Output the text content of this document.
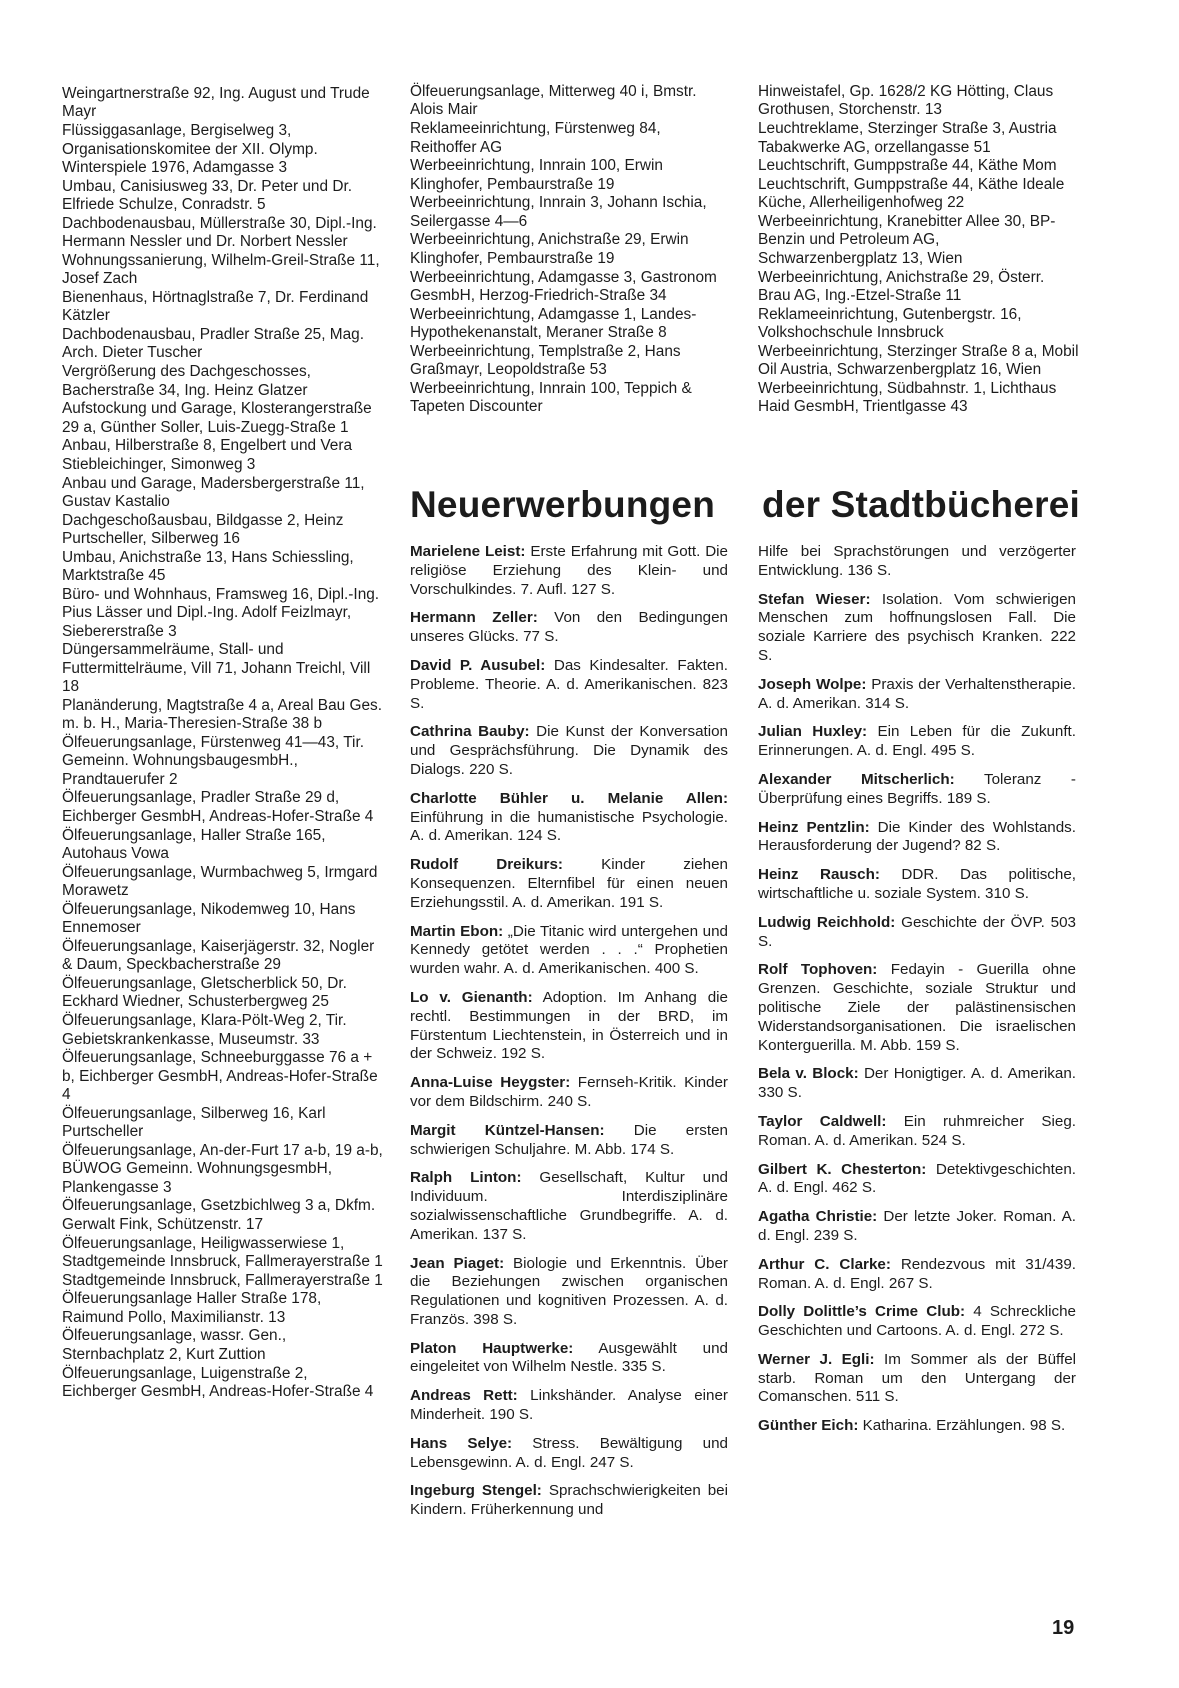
Weingartnerstraße 92, Ing. August und Trude Mayr

Flüssiggasanlage, Bergiselweg 3, Organisationskomitee der XII. Olymp. Winterspiele 1976, Adamgasse 3

Umbau, Canisiusweg 33, Dr. Peter und Dr. Elfriede Schulze, Conradstr. 5

Dachbodenausbau, Müllerstraße 30, Dipl.-Ing. Hermann Nessler und Dr. Norbert Nessler

Wohnungssanierung, Wilhelm-Greil-Straße 11, Josef Zach

Bienenhaus, Hörtnaglstraße 7, Dr. Ferdinand Kätzler

Dachbodenausbau, Pradler Straße 25, Mag. Arch. Dieter Tuscher

Vergrößerung des Dachgeschosses, Bacherstraße 34, Ing. Heinz Glatzer

Aufstockung und Garage, Klosterangerstraße 29 a, Günther Soller, Luis-Zuegg-Straße 1

Anbau, Hilberstraße 8, Engelbert und Vera Stiebleichinger, Simonweg 3

Anbau und Garage, Madersbergerstraße 11, Gustav Kastalio

Dachgeschoßausbau, Bildgasse 2, Heinz Purtscheller, Silberweg 16

Umbau, Anichstraße 13, Hans Schiessling, Marktstraße 45

Büro- und Wohnhaus, Framsweg 16, Dipl.-Ing. Pius Lässer und Dipl.-Ing. Adolf Feizlmayr, Siebererstraße 3

Düngersammelräume, Stall- und Futtermittelräume, Vill 71, Johann Treichl, Vill 18

Planänderung, Magtstraße 4 a, Areal Bau Ges. m. b. H., Maria-Theresien-Straße 38 b

Ölfeuerungsanlage, Fürstenweg 41—43, Tir. Gemeinn. WohnungsbaugesmbH., Prandtauerufer 2

Ölfeuerungsanlage, Pradler Straße 29 d, Eichberger GesmbH, Andreas-Hofer-Straße 4

Ölfeuerungsanlage, Haller Straße 165, Autohaus Vowa

Ölfeuerungsanlage, Wurmbachweg 5, Irmgard Morawetz

Ölfeuerungsanlage, Nikodemweg 10, Hans Ennemoser

Ölfeuerungsanlage, Kaiserjägerstr. 32, Nogler & Daum, Speckbacherstraße 29

Ölfeuerungsanlage, Gletscherblick 50, Dr. Eckhard Wiedner, Schusterbergweg 25

Ölfeuerungsanlage, Klara-Pölt-Weg 2, Tir. Gebietskrankenkasse, Museumstr. 33

Ölfeuerungsanlage, Schneeburggasse 76 a + b, Eichberger GesmbH, Andreas-Hofer-Straße 4

Ölfeuerungsanlage, Silberweg 16, Karl Purtscheller

Ölfeuerungsanlage, An-der-Furt 17 a-b, 19 a-b, BÜWOG Gemeinn. WohnungsgesmbH, Plankengasse 3

Ölfeuerungsanlage, Gsetzbichlweg 3 a, Dkfm. Gerwalt Fink, Schützenstr. 17

Ölfeuerungsanlage, Heiligwasserwiese 1, Stadtgemeinde Innsbruck, Fallmerayerstraße 1

Stadtgemeinde Innsbruck, Fallmerayerstraße 1

Ölfeuerungsanlage Haller Straße 178, Raimund Pollo, Maximilianstr. 13

Ölfeuerungsanlage, wassr. Gen., Sternbachplatz 2, Kurt Zuttion

Ölfeuerungsanlage, Luigenstraße 2, Eichberger GesmbH, Andreas-Hofer-Straße 4

Ölfeuerungsanlage, Mitterweg 40 i, Bmstr. Alois Mair

Reklameeinrichtung, Fürstenweg 84, Reithoffer AG

Werbeeinrichtung, Innrain 100, Erwin Klinghofer, Pembaurstraße 19

Werbeeinrichtung, Innrain 3, Johann Ischia, Seilergasse 4—6

Werbeeinrichtung, Anichstraße 29, Erwin Klinghofer, Pembaurstraße 19

Werbeeinrichtung, Adamgasse 3, Gastronom GesmbH, Herzog-Friedrich-Straße 34

Werbeeinrichtung, Adamgasse 1, Landes-Hypothekenanstalt, Meraner Straße 8

Werbeeinrichtung, Templstraße 2, Hans Graßmayr, Leopoldstraße 53

Werbeeinrichtung, Innrain 100, Teppich & Tapeten Discounter

Hinweistafel, Gp. 1628/2 KG Hötting, Claus Grothusen, Storchenstr. 13

Leuchtreklame, Sterzinger Straße 3, Austria Tabakwerke AG, orzellangasse 51

Leuchtschrift, Gumppstraße 44, Käthe Mom

Leuchtschrift, Gumppstraße 44, Käthe Ideale Küche, Allerheiligenhofweg 22

Werbeeinrichtung, Kranebitter Allee 30, BP-Benzin und Petroleum AG, Schwarzenbergplatz 13, Wien

Werbeeinrichtung, Anichstraße 29, Österr. Brau AG, Ing.-Etzel-Straße 11

Reklameeinrichtung, Gutenbergstr. 16, Volkshochschule Innsbruck

Werbeeinrichtung, Sterzinger Straße 8 a, Mobil Oil Austria, Schwarzenbergplatz 16, Wien

Werbeeinrichtung, Südbahnstr. 1, Lichthaus Haid GesmbH, Trientlgasse 43

Neuerwerbungen der Stadtbücherei

Marielene Leist: Erste Erfahrung mit Gott. Die religiöse Erziehung des Klein- und Vorschulkindes. 7. Aufl. 127 S.

Hermann Zeller: Von den Bedingungen unseres Glücks. 77 S.

David P. Ausubel: Das Kindesalter. Fakten. Probleme. Theorie. A. d. Amerikanischen. 823 S.

Cathrina Bauby: Die Kunst der Konversation und Gesprächsführung. Die Dynamik des Dialogs. 220 S.

Charlotte Bühler u. Melanie Allen: Einführung in die humanistische Psychologie. A. d. Amerikan. 124 S.

Rudolf Dreikurs: Kinder ziehen Konsequenzen. Elternfibel für einen neuen Erziehungsstil. A. d. Amerikan. 191 S.

Martin Ebon: „Die Titanic wird untergehen und Kennedy getötet werden . . .“ Prophetien wurden wahr. A. d. Amerikanischen. 400 S.

Lo v. Gienanth: Adoption. Im Anhang die rechtl. Bestimmungen in der BRD, im Fürstentum Liechtenstein, in Österreich und in der Schweiz. 192 S.

Anna-Luise Heygster: Fernseh-Kritik. Kinder vor dem Bildschirm. 240 S.

Margit Küntzel-Hansen: Die ersten schwierigen Schuljahre. M. Abb. 174 S.

Ralph Linton: Gesellschaft, Kultur und Individuum. Interdisziplinäre sozialwissenschaftliche Grundbegriffe. A. d. Amerikan. 137 S.

Jean Piaget: Biologie und Erkenntnis. Über die Beziehungen zwischen organischen Regulationen und kognitiven Prozessen. A. d. Französ. 398 S.

Platon Hauptwerke: Ausgewählt und eingeleitet von Wilhelm Nestle. 335 S.

Andreas Rett: Linkshänder. Analyse einer Minderheit. 190 S.

Hans Selye: Stress. Bewältigung und Lebensgewinn. A. d. Engl. 247 S.

Ingeburg Stengel: Sprachschwierigkeiten bei Kindern. Früherkennung und

Hilfe bei Sprachstörungen und verzögerter Entwicklung. 136 S.

Stefan Wieser: Isolation. Vom schwierigen Menschen zum hoffnungslosen Fall. Die soziale Karriere des psychisch Kranken. 222 S.

Joseph Wolpe: Praxis der Verhaltenstherapie. A. d. Amerikan. 314 S.

Julian Huxley: Ein Leben für die Zukunft. Erinnerungen. A. d. Engl. 495 S.

Alexander Mitscherlich: Toleranz - Überprüfung eines Begriffs. 189 S.

Heinz Pentzlin: Die Kinder des Wohlstands. Herausforderung der Jugend? 82 S.

Heinz Rausch: DDR. Das politische, wirtschaftliche u. soziale System. 310 S.

Ludwig Reichhold: Geschichte der ÖVP. 503 S.

Rolf Tophoven: Fedayin - Guerilla ohne Grenzen. Geschichte, soziale Struktur und politische Ziele der palästinensischen Widerstandsorganisationen. Die israelischen Konterguerilla. M. Abb. 159 S.

Bela v. Block: Der Honigtiger. A. d. Amerikan. 330 S.

Taylor Caldwell: Ein ruhmreicher Sieg. Roman. A. d. Amerikan. 524 S.

Gilbert K. Chesterton: Detektivgeschichten. A. d. Engl. 462 S.

Agatha Christie: Der letzte Joker. Roman. A. d. Engl. 239 S.

Arthur C. Clarke: Rendezvous mit 31/439. Roman. A. d. Engl. 267 S.

Dolly Dolittle’s Crime Club: 4 Schreckliche Geschichten und Cartoons. A. d. Engl. 272 S.

Werner J. Egli: Im Sommer als der Büffel starb. Roman um den Untergang der Comanschen. 511 S.

Günther Eich: Katharina. Erzählungen. 98 S.

19
